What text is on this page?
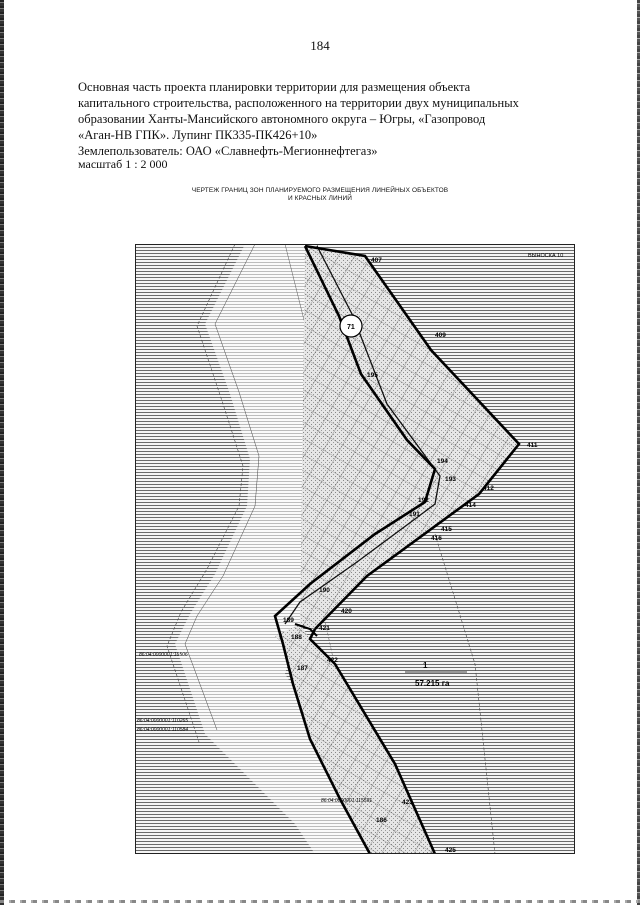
184
Основная часть проекта планировки территории для размещения объекта
капитального строительства, расположенного на территории двух муниципальных
образовании Ханты-Мансийского автономного округа – Югры, «Газопровод
«Аган-НВ ГПК». Лупинг ПК335-ПК426+10»
Землепользователь: ОАО «Славнефть-Мегионнефтегаз»
масштаб 1 : 2 000
ЧЕРТЕЖ ГРАНИЦ ЗОН ПЛАНИРУЕМОГО РАЗМЕЩЕНИЯ ЛИНЕЙНЫХ ОБЪЕКТОВ
И КРАСНЫХ ЛИНИЙ
ВЫНОСКА 10
71
1
57.215 га
86:04:0000001:16506
86:04:0000001:110265
86:04:0000001:110584
86:04:0000001:115591
407
409
195
411
194
193
412
192
414
191
415
416
190
420
189
421
188
422
187
423
186
425
